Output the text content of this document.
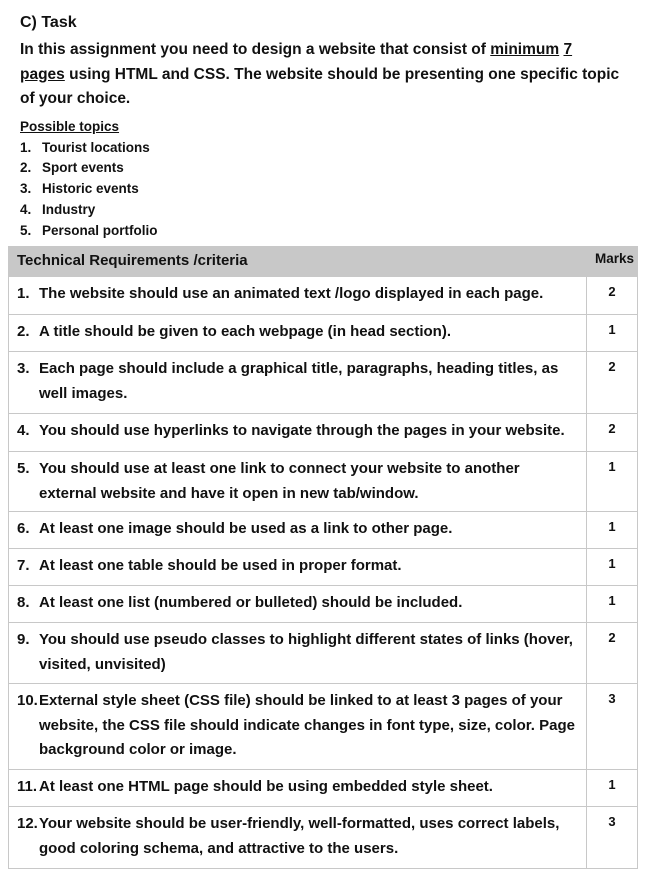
C) Task

In this assignment you need to design a website that consist of minimum 7 pages using HTML and CSS. The website should be presenting one specific topic of your choice.

Possible topics
1. Tourist locations
2. Sport events
3. Historic events
4. Industry
5. Personal portfolio
Technical Requirements /criteria	Marks

1. The website should use an animated text /logo displayed in each page.	2

2. A title should be given to each webpage (in head section).	1

3. Each page should include a graphical title, paragraphs, heading titles, as well images.	2

4. You should use hyperlinks to navigate through the pages in your website.	2

5. You should use at least one link to connect your website to another external website and have it open in new tab/window.	1

6. At least one image should be used as a link to other page.	1

7. At least one table should be used in proper format.	1

8. At least one list (numbered or bulleted) should be included.	1

9. You should use pseudo classes to highlight different states of links (hover, visited, unvisited)	2

10. External style sheet (CSS file) should be linked to at least 3 pages of your website, the CSS file should indicate changes in font type, size, color. Page background color or image.	3

11. At least one HTML page should be using embedded style sheet.	1

12. Your website should be user-friendly, well-formatted, uses correct labels, good coloring schema, and attractive to the users.	3
